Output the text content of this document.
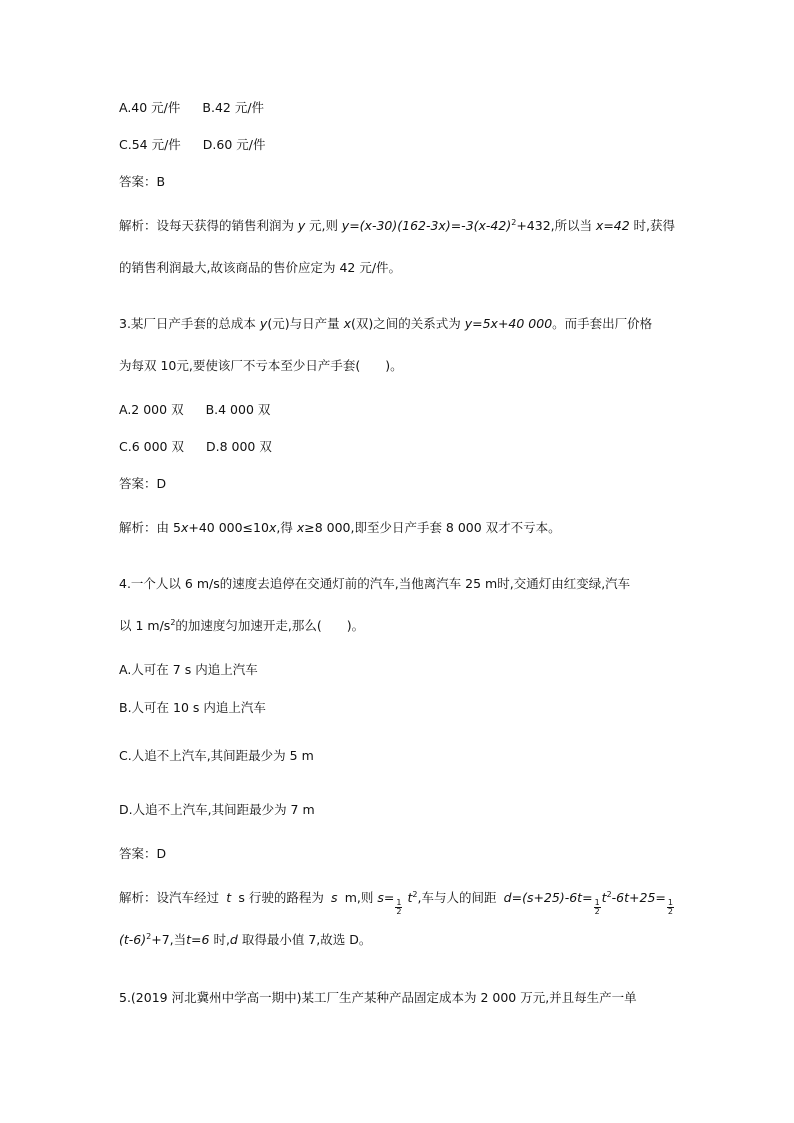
A.40 元/件 B.42 元/件
C.54 元/件 D.60 元/件
答案：B
解析：设每天获得的销售利润为 y 元,则 $y=(x-30)(162-3x)=-3(x-42)^2+432$,所以当 x=42 时,获得
的销售利润最大,故该商品的售价应定为 42 元/件。
3.某厂日产手套的总成本 y(元)与日产量 x(双)之间的关系式为 y=5x+40 000。而手套出厂价格
为每双 10元,要使该厂不亏本至少日产手套(　　)。
A.2 000 双 B.4 000 双
C.6 000 双 D.8 000 双
答案：D
解析：由 5x+40 000≤10x,得 x≥8 000,即至少日产手套 8 000 双才不亏本。
4.一个人以 6 m/s的速度去追停在交通灯前的汽车,当他离汽车 25 m时,交通灯由红变绿,汽车
以 1 $m/s^2$的加速度匀加速开走,那么(　　)。
A.人可在 7 s 内追上汽车
B.人可在 10 s 内追上汽车
C.人追不上汽车,其间距最少为 5 m
D.人追不上汽车,其间距最少为 7 m
答案：D
解析：设汽车经过 t s 行驶的路程为 s m,则 s=
$\frac{1}{2}$
$t^2$,车与人的间距 d=(s+25)-6t=
$\frac{1}{2}$
$t^2-6t+25=$
$\frac{1}{2}$
$(t-6)^2+7$,当t=6 时,d 取得最小值 7,故选 D。
5.(2019 河北冀州中学高一期中)某工厂生产某种产品固定成本为 2 000 万元,并且每生产一单
